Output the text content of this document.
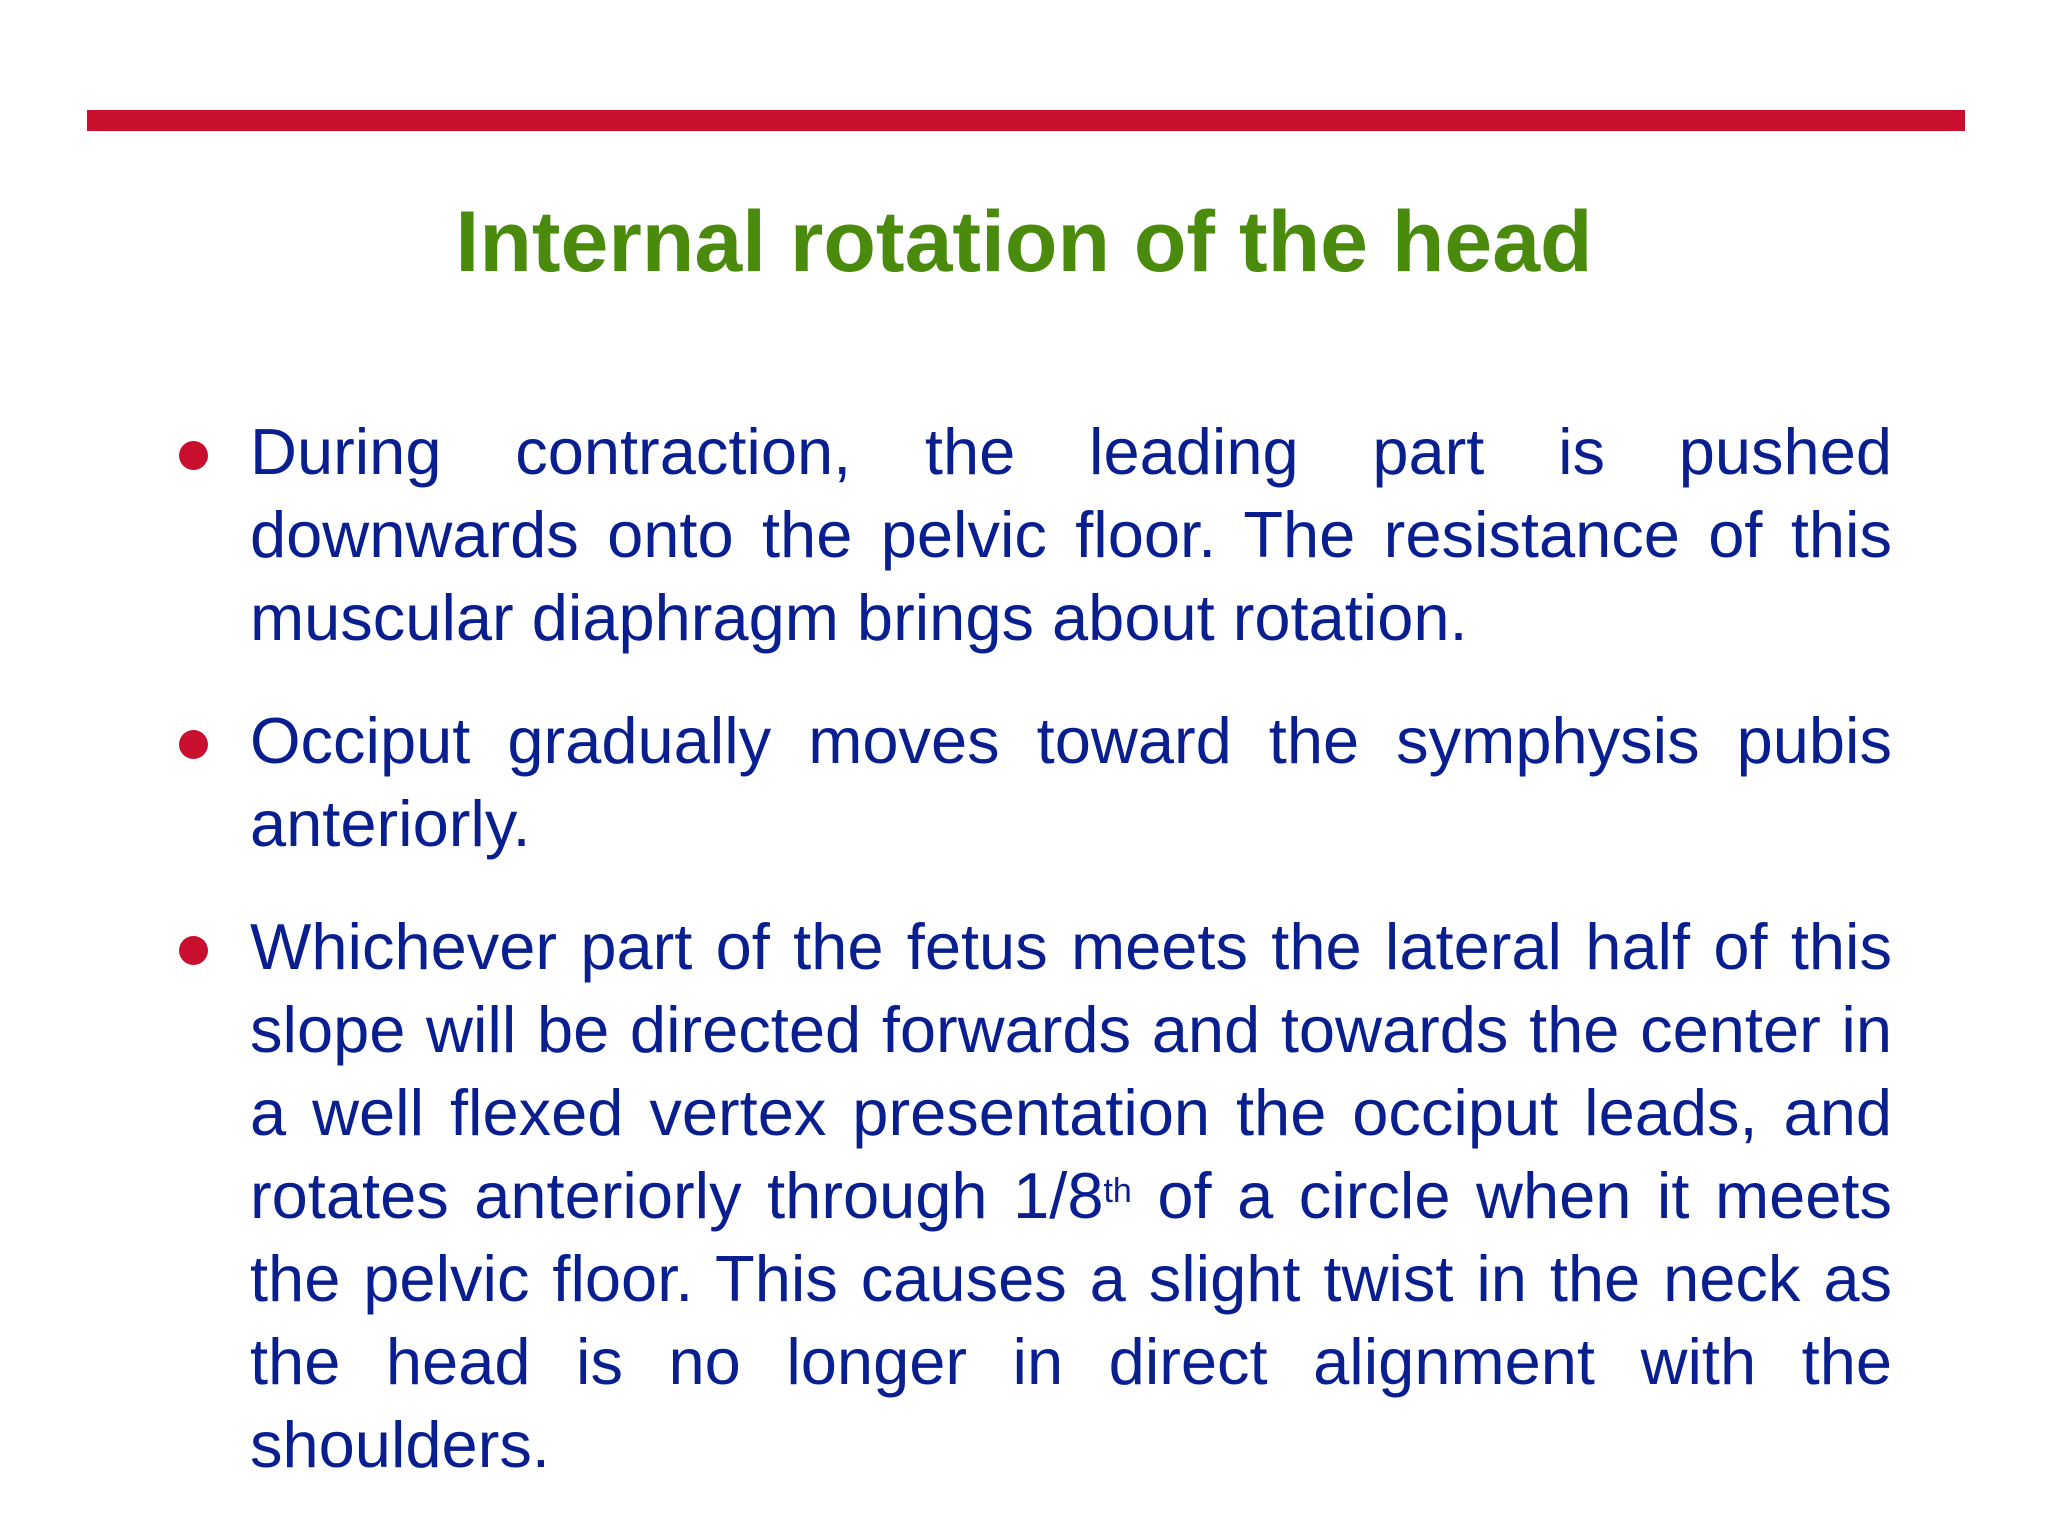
Internal rotation of the head
During contraction, the leading part is pushed downwards onto the pelvic floor. The resistance of this muscular diaphragm brings about rotation.
Occiput gradually moves toward the symphysis pubis anteriorly.
Whichever part of the fetus meets the lateral half of this slope will be directed forwards and towards the center in a well flexed vertex presentation the occiput leads, and rotates anteriorly through 1/8th of a circle when it meets the pelvic floor. This causes a slight twist in the neck as the head is no longer in direct alignment with the shoulders.
